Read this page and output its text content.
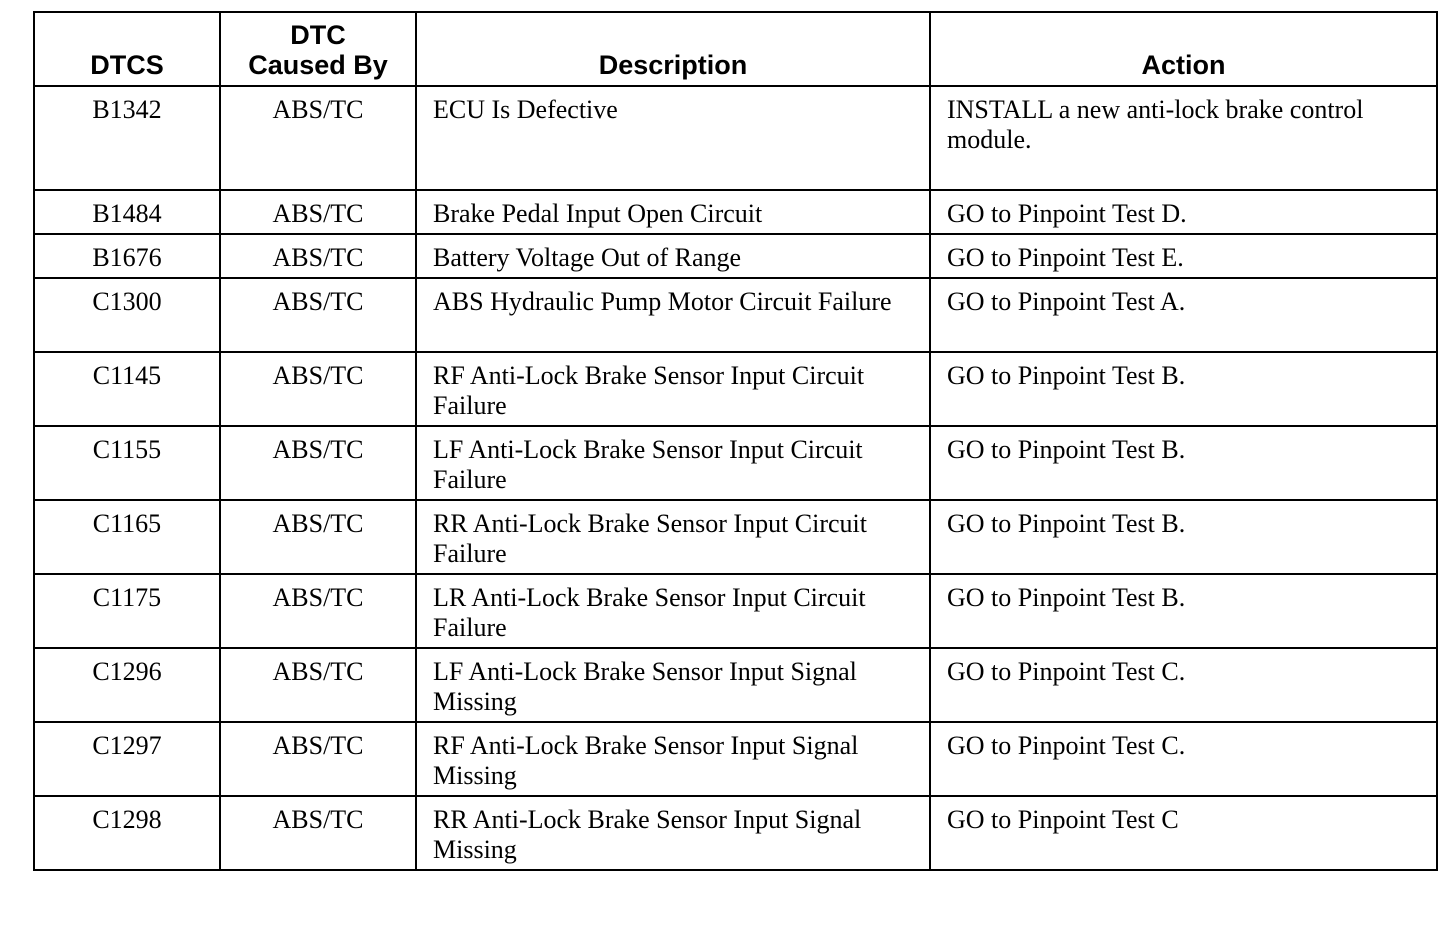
DTCS	DTC Caused By	Description	Action
B1342	ABS/TC	ECU Is Defective	INSTALL a new anti-lock brake control module.
B1484	ABS/TC	Brake Pedal Input Open Circuit	GO to Pinpoint Test D.
B1676	ABS/TC	Battery Voltage Out of Range	GO to Pinpoint Test E.
C1300	ABS/TC	ABS Hydraulic Pump Motor Circuit Failure	GO to Pinpoint Test A.
C1145	ABS/TC	RF Anti-Lock Brake Sensor Input Circuit Failure	GO to Pinpoint Test B.
C1155	ABS/TC	LF Anti-Lock Brake Sensor Input Circuit Failure	GO to Pinpoint Test B.
C1165	ABS/TC	RR Anti-Lock Brake Sensor Input Circuit Failure	GO to Pinpoint Test B.
C1175	ABS/TC	LR Anti-Lock Brake Sensor Input Circuit Failure	GO to Pinpoint Test B.
C1296	ABS/TC	LF Anti-Lock Brake Sensor Input Signal Missing	GO to Pinpoint Test C.
C1297	ABS/TC	RF Anti-Lock Brake Sensor Input Signal Missing	GO to Pinpoint Test C.
C1298	ABS/TC	RR Anti-Lock Brake Sensor Input Signal Missing	GO to Pinpoint Test C
